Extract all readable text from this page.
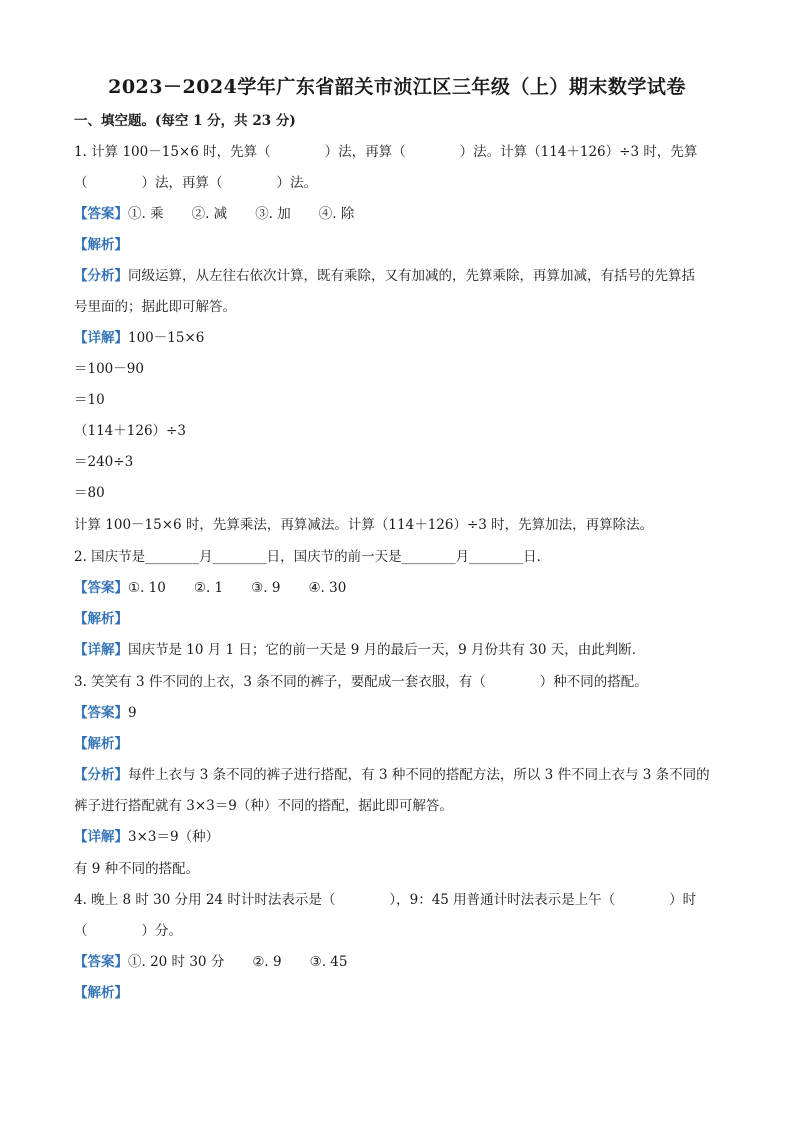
2023－2024学年广东省韶关市浈江区三年级（上）期末数学试卷
一、填空题。(每空 1 分，共 23 分)
1. 计算 100－15×6 时，先算（　　　　）法，再算（　　　　）法。计算（114＋126）÷3 时，先算
（　　　　）法，再算（　　　　）法。
【答案】①. 乘 ②. 减 ③. 加 ④. 除
【解析】
【分析】同级运算，从左往右依次计算，既有乘除，又有加减的，先算乘除，再算加减，有括号的先算括
号里面的；据此即可解答。
【详解】100－15×6
＝100－90
＝10
（114＋126）÷3
＝240÷3
＝80
计算 100－15×6 时，先算乘法，再算减法。计算（114＋126）÷3 时，先算加法，再算除法。
2. 国庆节是________月________日，国庆节的前一天是________月________日．
【答案】①. 10 ②. 1 ③. 9 ④. 30
【解析】
【详解】国庆节是 10 月 1 日；它的前一天是 9 月的最后一天，9 月份共有 30 天，由此判断．
3. 笑笑有 3 件不同的上衣，3 条不同的裤子，要配成一套衣服，有（　　　　）种不同的搭配。
【答案】9
【解析】
【分析】每件上衣与 3 条不同的裤子进行搭配，有 3 种不同的搭配方法，所以 3 件不同上衣与 3 条不同的
裤子进行搭配就有 3×3＝9（种）不同的搭配，据此即可解答。
【详解】3×3＝9（种）
有 9 种不同的搭配。
4. 晚上 8 时 30 分用 24 时计时法表示是（　　　　），9：45 用普通计时法表示是上午（　　　　）时
（　　　　）分。
【答案】①. 20 时 30 分 ②. 9 ③. 45
【解析】
